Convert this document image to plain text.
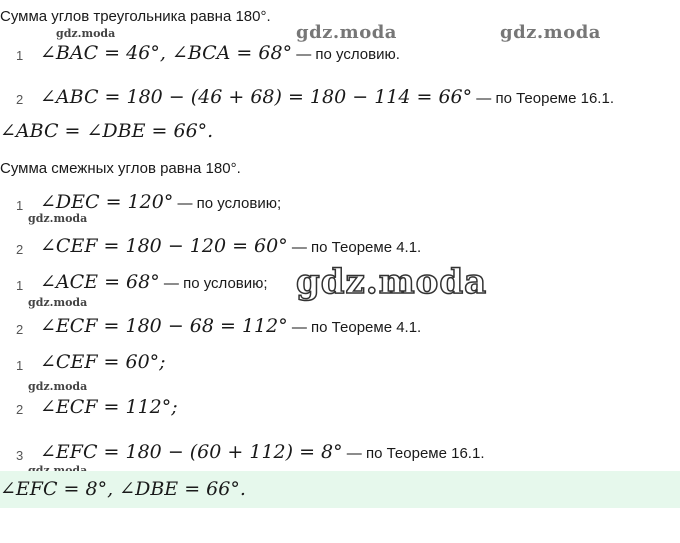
gdz.moda	gdz.moda	gdz.moda
gdz.moda
gdz.moda
gdz.moda
gdz.moda
Сумма углов треугольника равна 180°.
1 ∠BAC = 46°, ∠BCA = 68° — по условию.
2 ∠ABC = 180 − (46 + 68) = 180 − 114 = 66° — по Теореме 16.1.
∠ABC = ∠DBE = 66°.
Сумма смежных углов равна 180°.
1 ∠DEC = 120° — по условию;
2 ∠CEF = 180 − 120 = 60° — по Теореме 4.1.
1 ∠ACE = 68° — по условию;
2 ∠ECF = 180 − 68 = 112° — по Теореме 4.1.
1 ∠CEF = 60°;
2 ∠ECF = 112°;
3 ∠EFC = 180 − (60 + 112) = 8° — по Теореме 16.1.
∠EFC = 8°, ∠DBE = 66°.
